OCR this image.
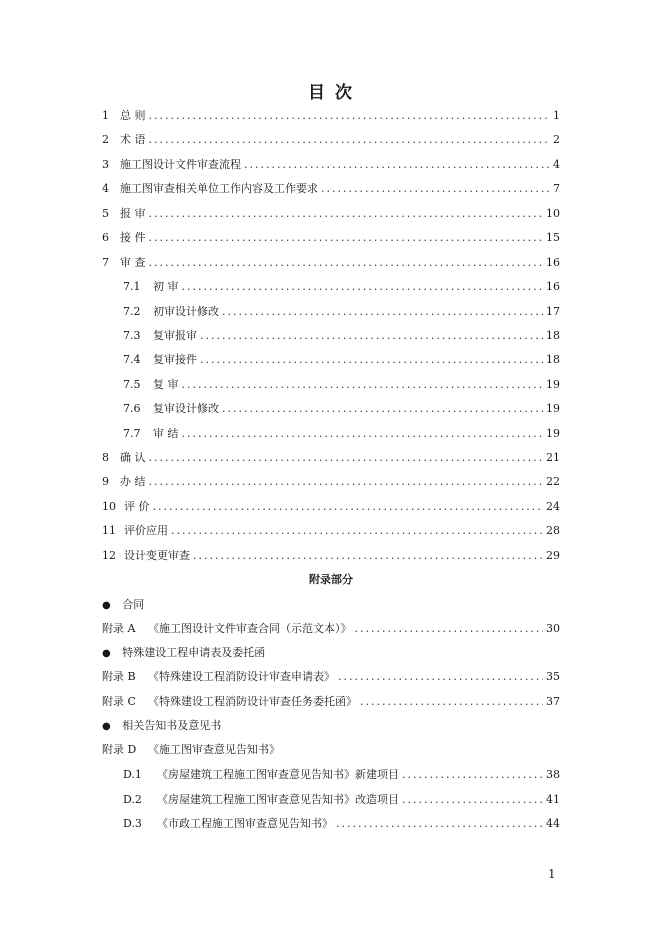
目 次
1	总 则 .....	1
2	术 语 .....	2
3	施工图设计文件审查流程 .....	4
4	施工图审查相关单位工作内容及工作要求 .....	7
5	报 审 .....	10
6	接 件 .....	15
7	审 查 .....	16
7.1	初 审 .....	16
7.2	初审设计修改 .....	17
7.3	复审报审 .....	18
7.4	复审接件 .....	18
7.5	复 审 .....	19
7.6	复审设计修改 .....	19
7.7	审 结 .....	19
8	确 认 .....	21
9	办 结 .....	22
10 评 价 .....	24
11 评价应用 .....	28
12 设计变更审查 .....	29
附录部分
● 合同
附录 A	《施工图设计文件审查合同（示范文本）》 .....	30
● 特殊建设工程申请表及委托函
附录 B	《特殊建设工程消防设计审查申请表》 .....	35
附录 C	《特殊建设工程消防设计审查任务委托函》 .....	37
● 相关告知书及意见书
附录 D	《施工图审查意见告知书》
D.1	《房屋建筑工程施工图审查意见告知书》新建项目 .....	38
D.2	《房屋建筑工程施工图审查意见告知书》改造项目 .....	41
D.3	《市政工程施工图审查意见告知书》 .....	44
1
